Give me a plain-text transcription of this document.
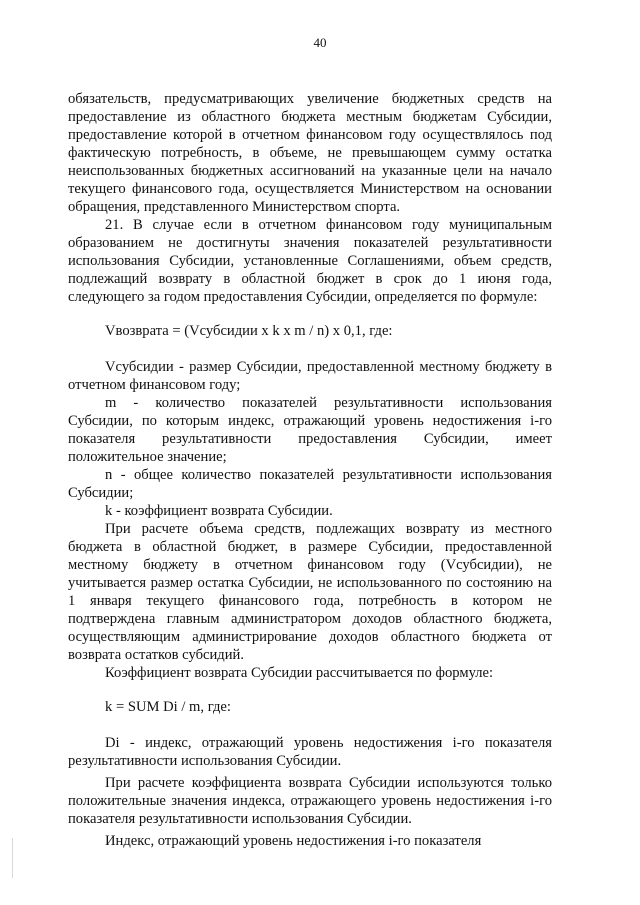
40

обязательств, предусматривающих увеличение бюджетных средств на предоставление из областного бюджета местным бюджетам Субсидии, предоставление которой в отчетном финансовом году осуществлялось под фактическую потребность, в объеме, не превышающем сумму остатка неиспользованных бюджетных ассигнований на указанные цели на начало текущего финансового года, осуществляется Министерством на основании обращения, представленного Министерством спорта.

21. В случае если в отчетном финансовом году муниципальным образованием не достигнуты значения показателей результативности использования Субсидии, установленные Соглашениями, объем средств, подлежащий возврату в областной бюджет в срок до 1 июня года, следующего за годом предоставления Субсидии, определяется по формуле:

Vвозврата = (Vсубсидии x k x m / n) x 0,1, где:

Vсубсидии - размер Субсидии, предоставленной местному бюджету в отчетном финансовом году;

m - количество показателей результативности использования Субсидии, по которым индекс, отражающий уровень недостижения i-го показателя результативности предоставления Субсидии, имеет положительное значение;

n - общее количество показателей результативности использования Субсидии;

k - коэффициент возврата Субсидии.

При расчете объема средств, подлежащих возврату из местного бюджета в областной бюджет, в размере Субсидии, предоставленной местному бюджету в отчетном финансовом году (Vсубсидии), не учитывается размер остатка Субсидии, не использованного по состоянию на 1 января текущего финансового года, потребность в котором не подтверждена главным администратором доходов областного бюджета, осуществляющим администрирование доходов областного бюджета от возврата остатков субсидий.

Коэффициент возврата Субсидии рассчитывается по формуле:

k = SUM Di / m, где:

Di - индекс, отражающий уровень недостижения i-го показателя результативности использования Субсидии.

При расчете коэффициента возврата Субсидии используются только положительные значения индекса, отражающего уровень недостижения i-го показателя результативности использования Субсидии.

Индекс, отражающий уровень недостижения i-го показателя
